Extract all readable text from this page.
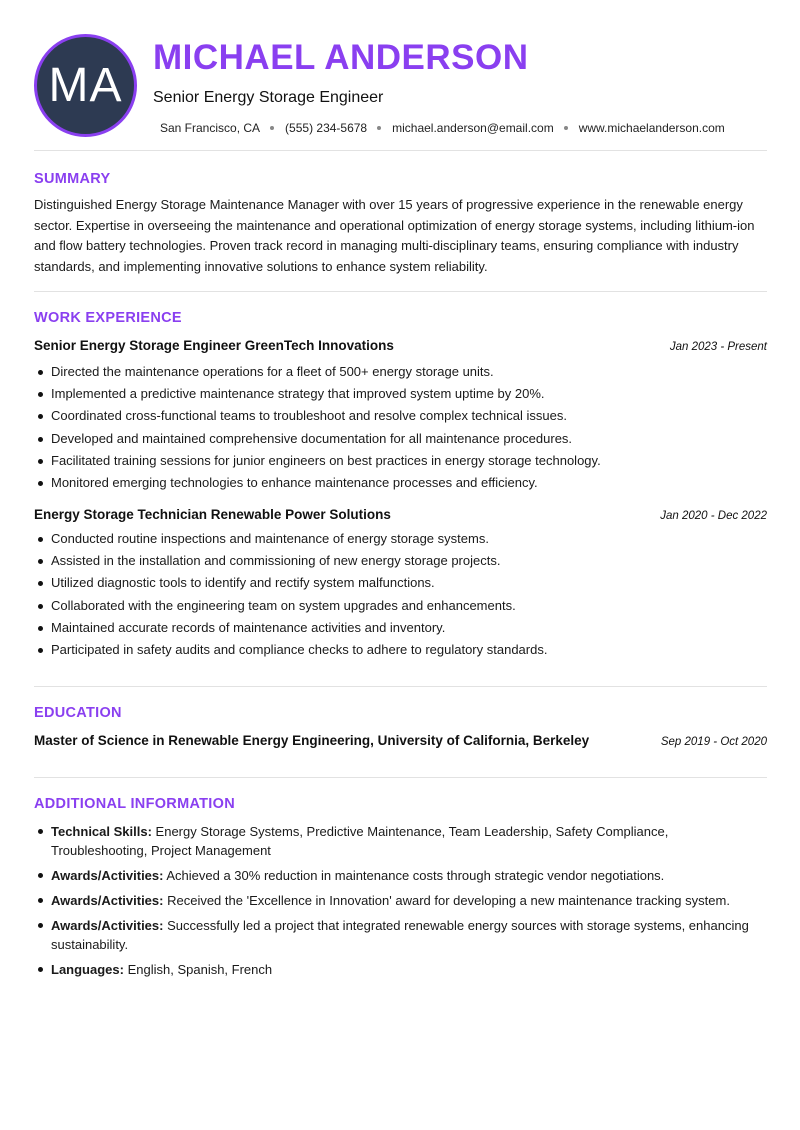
MA
MICHAEL ANDERSON
Senior Energy Storage Engineer
San Francisco, CA (555) 234-5678 michael.anderson@email.com www.michaelanderson.com
SUMMARY
Distinguished Energy Storage Maintenance Manager with over 15 years of progressive experience in the renewable energy sector. Expertise in overseeing the maintenance and operational optimization of energy storage systems, including lithium-ion and flow battery technologies. Proven track record in managing multi-disciplinary teams, ensuring compliance with industry standards, and implementing innovative solutions to enhance system reliability.
WORK EXPERIENCE
Senior Energy Storage Engineer GreenTech Innovations	Jan 2023 - Present
Directed the maintenance operations for a fleet of 500+ energy storage units.
Implemented a predictive maintenance strategy that improved system uptime by 20%.
Coordinated cross-functional teams to troubleshoot and resolve complex technical issues.
Developed and maintained comprehensive documentation for all maintenance procedures.
Facilitated training sessions for junior engineers on best practices in energy storage technology.
Monitored emerging technologies to enhance maintenance processes and efficiency.
Energy Storage Technician Renewable Power Solutions	Jan 2020 - Dec 2022
Conducted routine inspections and maintenance of energy storage systems.
Assisted in the installation and commissioning of new energy storage projects.
Utilized diagnostic tools to identify and rectify system malfunctions.
Collaborated with the engineering team on system upgrades and enhancements.
Maintained accurate records of maintenance activities and inventory.
Participated in safety audits and compliance checks to adhere to regulatory standards.
EDUCATION
Master of Science in Renewable Energy Engineering, University of California, Berkeley	Sep 2019 - Oct 2020
ADDITIONAL INFORMATION
Technical Skills: Energy Storage Systems, Predictive Maintenance, Team Leadership, Safety Compliance, Troubleshooting, Project Management
Awards/Activities: Achieved a 30% reduction in maintenance costs through strategic vendor negotiations.
Awards/Activities: Received the 'Excellence in Innovation' award for developing a new maintenance tracking system.
Awards/Activities: Successfully led a project that integrated renewable energy sources with storage systems, enhancing sustainability.
Languages: English, Spanish, French
